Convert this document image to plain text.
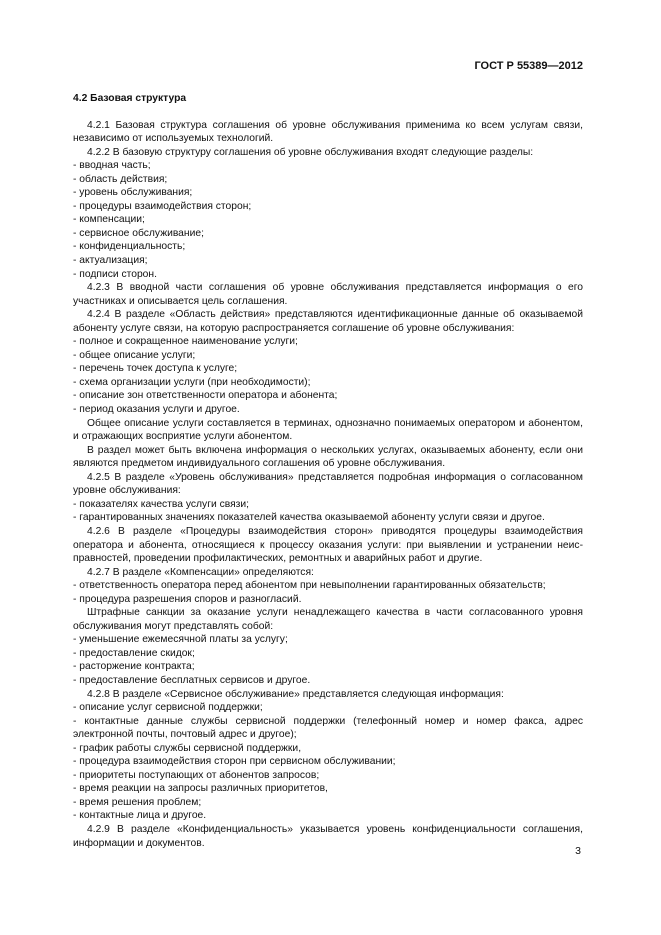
ГОСТ Р 55389—2012
4.2 Базовая структура
4.2.1 Базовая структура соглашения об уровне обслуживания применима ко всем услугам связи, независимо от используемых технологий.
4.2.2 В базовую структуру соглашения об уровне обслуживания входят следующие разделы:
- вводная часть;
- область действия;
- уровень обслуживания;
- процедуры взаимодействия сторон;
- компенсации;
- сервисное обслуживание;
- конфиденциальность;
- актуализация;
- подписи сторон.
4.2.3 В вводной части соглашения об уровне обслуживания представляется информация о его участниках и описывается цель соглашения.
4.2.4 В разделе «Область действия» представляются идентификационные данные об оказываемой абоненту услуге связи, на которую распространяется соглашение об уровне обслуживания:
- полное и сокращенное наименование услуги;
- общее описание услуги;
- перечень точек доступа к услуге;
- схема организации услуги (при необходимости);
- описание зон ответственности оператора и абонента;
- период оказания услуги и другое.
Общее описание услуги составляется в терминах, однозначно понимаемых оператором и абонентом, и отражающих восприятие услуги абонентом.
В раздел может быть включена информация о нескольких услугах, оказываемых абоненту, если они являются предметом индивидуального соглашения об уровне обслуживания.
4.2.5 В разделе «Уровень обслуживания» представляется подробная информация о согласованном уровне обслуживания:
- показателях качества услуги связи;
- гарантированных значениях показателей качества оказываемой абоненту услуги связи и другое.
4.2.6 В разделе «Процедуры взаимодействия сторон» приводятся процедуры взаимодействия оператора и абонента, относящиеся к процессу оказания услуги: при выявлении и устранении неисправностей, проведении профилактических, ремонтных и аварийных работ и другие.
4.2.7 В разделе «Компенсации» определяются:
- ответственность оператора перед абонентом при невыполнении гарантированных обязательств;
- процедура разрешения споров и разногласий.
Штрафные санкции за оказание услуги ненадлежащего качества в части согласованного уровня обслуживания могут представлять собой:
- уменьшение ежемесячной платы за услугу;
- предоставление скидок;
- расторжение контракта;
- предоставление бесплатных сервисов и другое.
4.2.8 В разделе «Сервисное обслуживание» представляется следующая информация:
- описание услуг сервисной поддержки;
- контактные данные службы сервисной поддержки (телефонный номер и номер факса, адрес электронной почты, почтовый адрес и другое);
- график работы службы сервисной поддержки,
- процедура взаимодействия сторон при сервисном обслуживании;
- приоритеты поступающих от абонентов запросов;
- время реакции на запросы различных приоритетов,
- время решения проблем;
- контактные лица и другое.
4.2.9 В разделе «Конфиденциальность» указывается уровень конфиденциальности соглашения, информации и документов.
3
